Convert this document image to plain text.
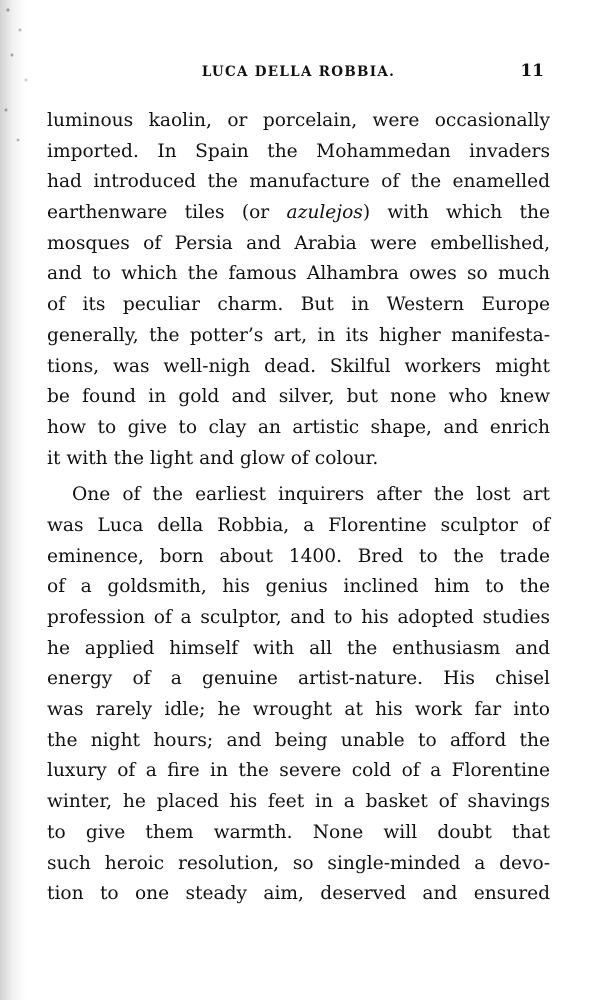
LUCA DELLA ROBBIA.	11
luminous kaolin, or porcelain, were occasionally
imported. In Spain the Mohammedan invaders
had introduced the manufacture of the enamelled
earthenware tiles (or azulejos) with which the
mosques of Persia and Arabia were embellished,
and to which the famous Alhambra owes so much
of its peculiar charm. But in Western Europe
generally, the potter’s art, in its higher manifesta-
tions, was well-nigh dead. Skilful workers might
be found in gold and silver, but none who knew
how to give to clay an artistic shape, and enrich
it with the light and glow of colour.
One of the earliest inquirers after the lost art
was Luca della Robbia, a Florentine sculptor of
eminence, born about 1400. Bred to the trade
of a goldsmith, his genius inclined him to the
profession of a sculptor, and to his adopted studies
he applied himself with all the enthusiasm and
energy of a genuine artist-nature. His chisel
was rarely idle; he wrought at his work far into
the night hours; and being unable to afford the
luxury of a fire in the severe cold of a Florentine
winter, he placed his feet in a basket of shavings
to give them warmth. None will doubt that
such heroic resolution, so single-minded a devo-
tion to one steady aim, deserved and ensured
